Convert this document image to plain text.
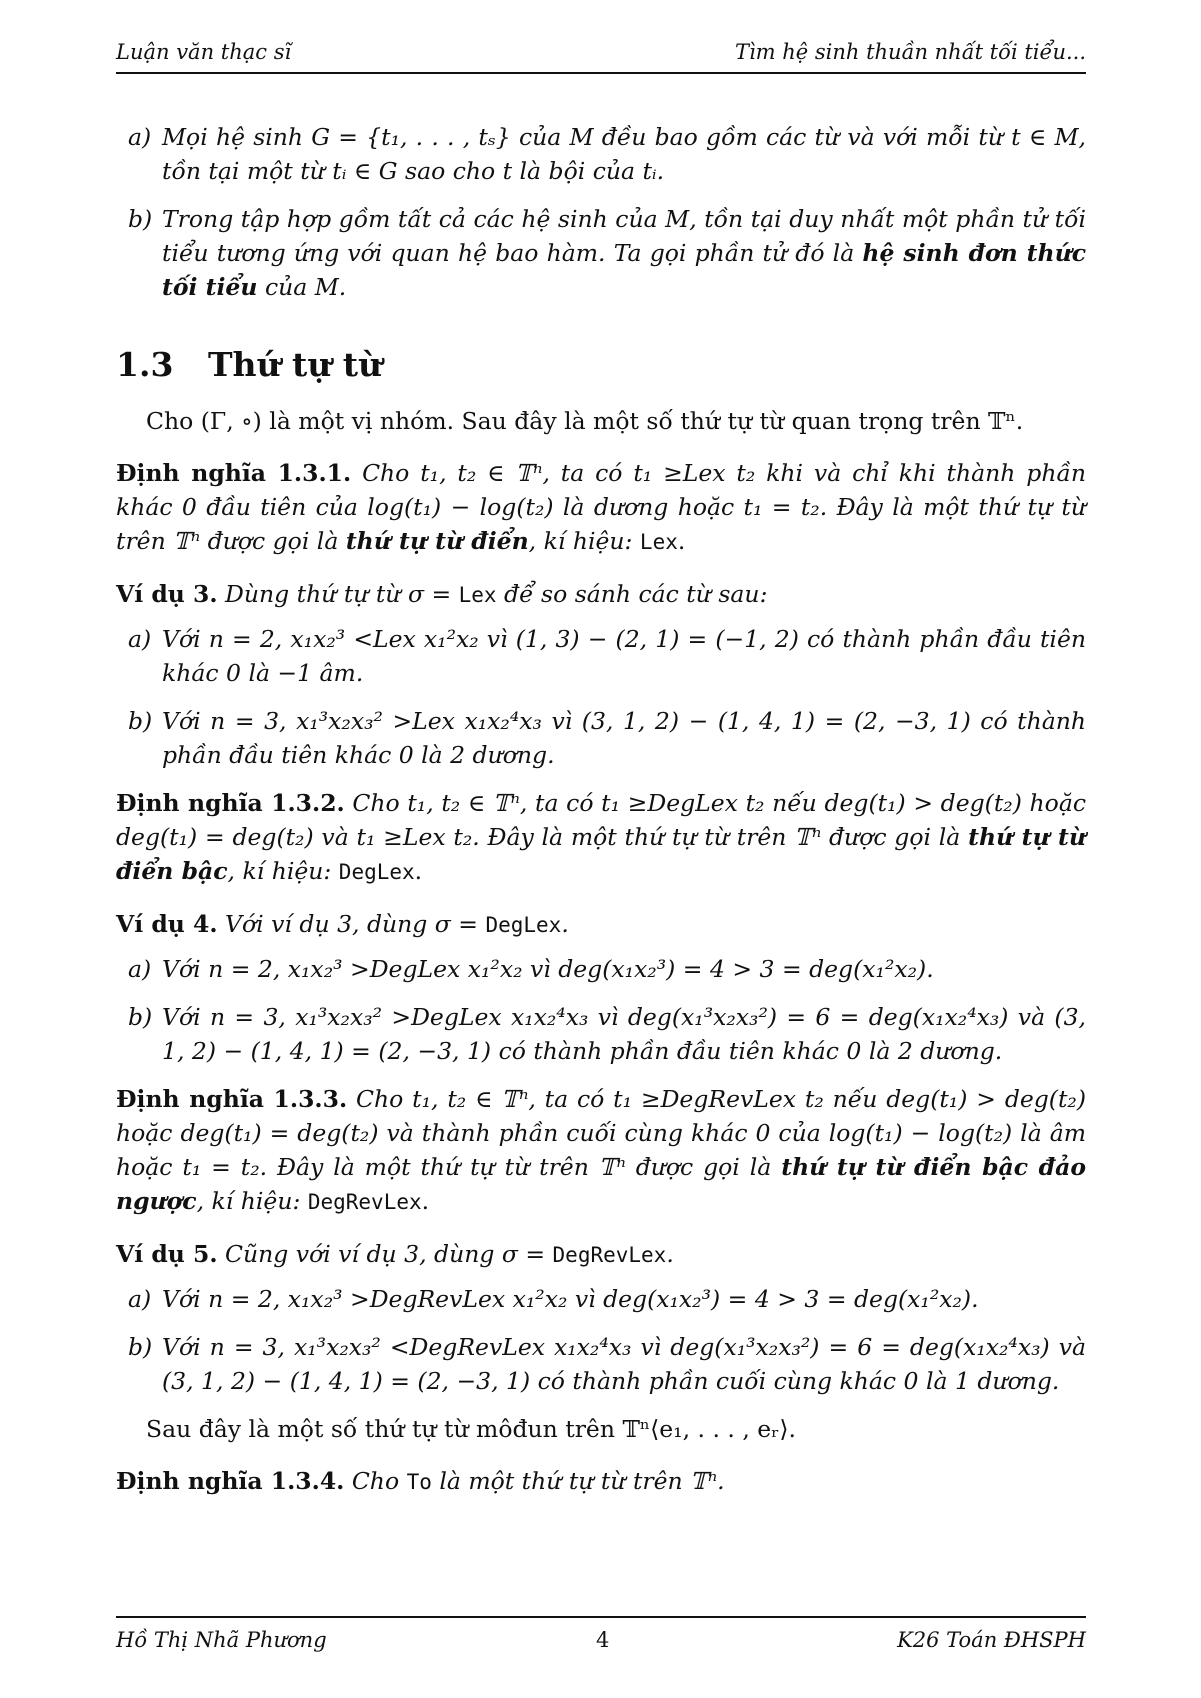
Luận văn thạc sĩ	Tìm hệ sinh thuần nhất tối tiểu...
a) Mọi hệ sinh G = {t₁, . . . , tₛ} của M đều bao gồm các từ và với mỗi từ t ∈ M, tồn tại một từ tᵢ ∈ G sao cho t là bội của tᵢ.
b) Trong tập hợp gồm tất cả các hệ sinh của M, tồn tại duy nhất một phần tử tối tiểu tương ứng với quan hệ bao hàm. Ta gọi phần tử đó là hệ sinh đơn thức tối tiểu của M.
1.3 Thứ tự từ

Cho (Γ, ∘) là một vị nhóm. Sau đây là một số thứ tự từ quan trọng trên 𝕋ⁿ.

Định nghĩa 1.3.1. Cho t₁, t₂ ∈ 𝕋ⁿ, ta có t₁ ≥Lex t₂ khi và chỉ khi thành phần khác 0 đầu tiên của log(t₁) − log(t₂) là dương hoặc t₁ = t₂. Đây là một thứ tự từ trên 𝕋ⁿ được gọi là thứ tự từ điển, kí hiệu: Lex.

Ví dụ 3. Dùng thứ tự từ σ = Lex để so sánh các từ sau:

a) Với n = 2, x₁x₂³ <Lex x₁²x₂ vì (1, 3) − (2, 1) = (−1, 2) có thành phần đầu tiên khác 0 là −1 âm.
b) Với n = 3, x₁³x₂x₃² >Lex x₁x₂⁴x₃ vì (3, 1, 2) − (1, 4, 1) = (2, −3, 1) có thành phần đầu tiên khác 0 là 2 dương.

Định nghĩa 1.3.2. Cho t₁, t₂ ∈ 𝕋ⁿ, ta có t₁ ≥DegLex t₂ nếu deg(t₁) > deg(t₂) hoặc deg(t₁) = deg(t₂) và t₁ ≥Lex t₂. Đây là một thứ tự từ trên 𝕋ⁿ được gọi là thứ tự từ điển bậc, kí hiệu: DegLex.

Ví dụ 4. Với ví dụ 3, dùng σ = DegLex.

a) Với n = 2, x₁x₂³ >DegLex x₁²x₂ vì deg(x₁x₂³) = 4 > 3 = deg(x₁²x₂).
b) Với n = 3, x₁³x₂x₃² >DegLex x₁x₂⁴x₃ vì deg(x₁³x₂x₃²) = 6 = deg(x₁x₂⁴x₃) và (3, 1, 2) − (1, 4, 1) = (2, −3, 1) có thành phần đầu tiên khác 0 là 2 dương.

Định nghĩa 1.3.3. Cho t₁, t₂ ∈ 𝕋ⁿ, ta có t₁ ≥DegRevLex t₂ nếu deg(t₁) > deg(t₂) hoặc deg(t₁) = deg(t₂) và thành phần cuối cùng khác 0 của log(t₁) − log(t₂) là âm hoặc t₁ = t₂. Đây là một thứ tự từ trên 𝕋ⁿ được gọi là thứ tự từ điển bậc đảo ngược, kí hiệu: DegRevLex.

Ví dụ 5. Cũng với ví dụ 3, dùng σ = DegRevLex.

a) Với n = 2, x₁x₂³ >DegRevLex x₁²x₂ vì deg(x₁x₂³) = 4 > 3 = deg(x₁²x₂).
b) Với n = 3, x₁³x₂x₃² <DegRevLex x₁x₂⁴x₃ vì deg(x₁³x₂x₃²) = 6 = deg(x₁x₂⁴x₃) và (3, 1, 2) − (1, 4, 1) = (2, −3, 1) có thành phần cuối cùng khác 0 là 1 dương.

Sau đây là một số thứ tự từ môđun trên 𝕋ⁿ⟨e₁, . . . , eᵣ⟩.

Định nghĩa 1.3.4. Cho To là một thứ tự từ trên 𝕋ⁿ.

Hồ Thị Nhã Phương	4	K26 Toán ĐHSPH
